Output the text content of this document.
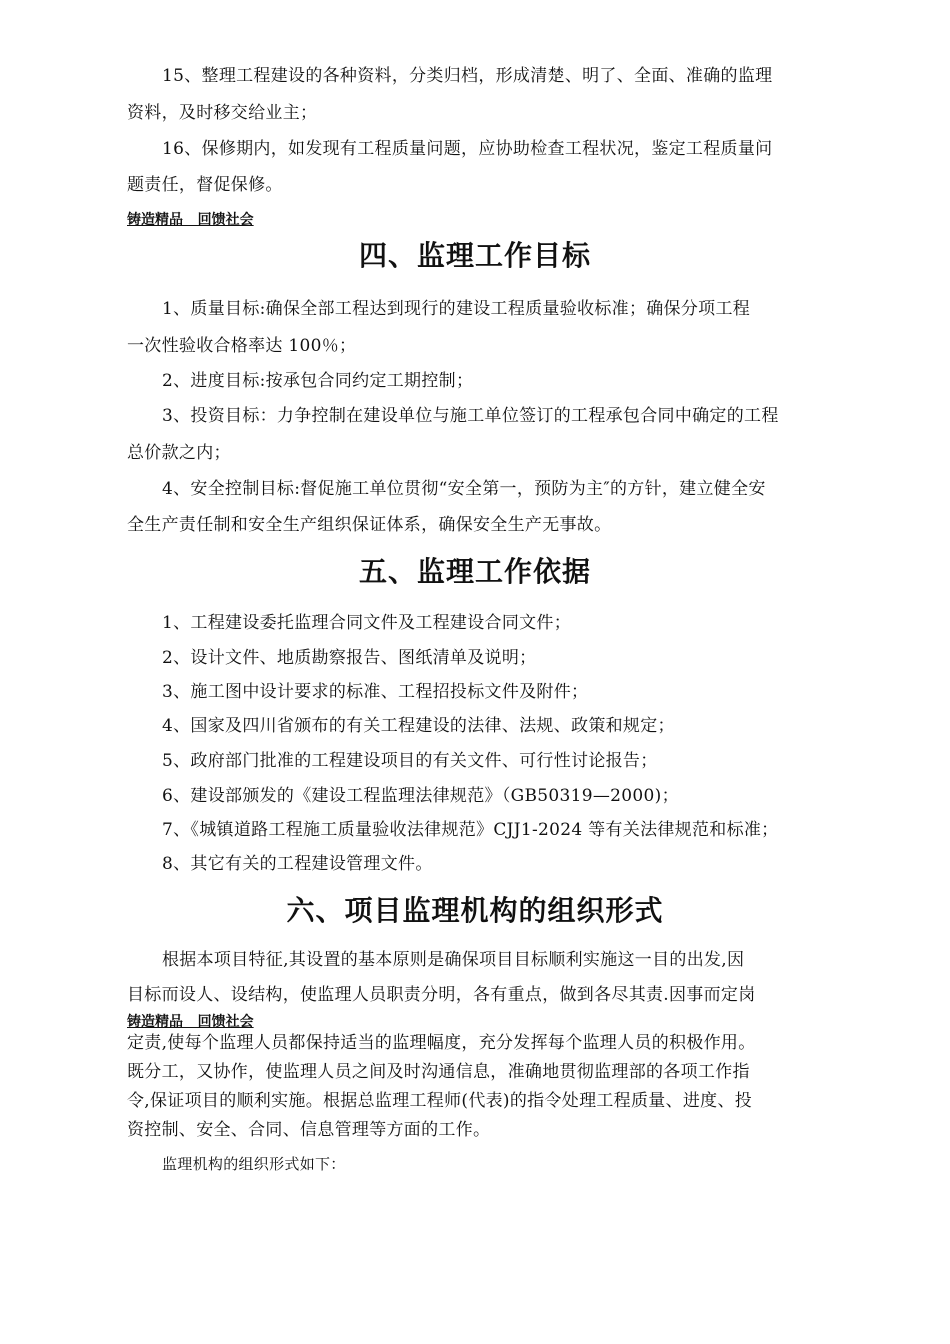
15、整理工程建设的各种资料，分类归档，形成清楚、明了、全面、准确的监理
资料，及时移交给业主；
16、保修期内，如发现有工程质量问题，应协助检查工程状况，鉴定工程质量问
题责任，督促保修。
铸造精品   回馈社会
四、监理工作目标
1、质量目标:确保全部工程达到现行的建设工程质量验收标准；确保分项工程
一次性验收合格率达 100％；
2、进度目标:按承包合同约定工期控制；
3、投资目标：力争控制在建设单位与施工单位签订的工程承包合同中确定的工程
总价款之内；
4、安全控制目标:督促施工单位贯彻“安全第一，预防为主″的方针，建立健全安
全生产责任制和安全生产组织保证体系，确保安全生产无事故。
五、监理工作依据
1、工程建设委托监理合同文件及工程建设合同文件；
2、设计文件、地质勘察报告、图纸清单及说明；
3、施工图中设计要求的标准、工程招投标文件及附件；
4、国家及四川省颁布的有关工程建设的法律、法规、政策和规定；
5、政府部门批准的工程建设项目的有关文件、可行性讨论报告；
6、建设部颁发的《建设工程监理法律规范》（GB50319—2000)；
7、《城镇道路工程施工质量验收法律规范》CJJ1-2024 等有关法律规范和标准；
8、其它有关的工程建设管理文件。
六、项目监理机构的组织形式
根据本项目特征,其设置的基本原则是确保项目目标顺利实施这一目的出发,因
目标而设人、设结构，使监理人员职责分明，各有重点，做到各尽其责.因事而定岗
铸造精品   回馈社会
定责,使每个监理人员都保持适当的监理幅度，充分发挥每个监理人员的积极作用。
既分工，又协作，使监理人员之间及时沟通信息，准确地贯彻监理部的各项工作指
令,保证项目的顺利实施。根据总监理工程师(代表)的指令处理工程质量、进度、投
资控制、安全、合同、信息管理等方面的工作。
监理机构的组织形式如下：
